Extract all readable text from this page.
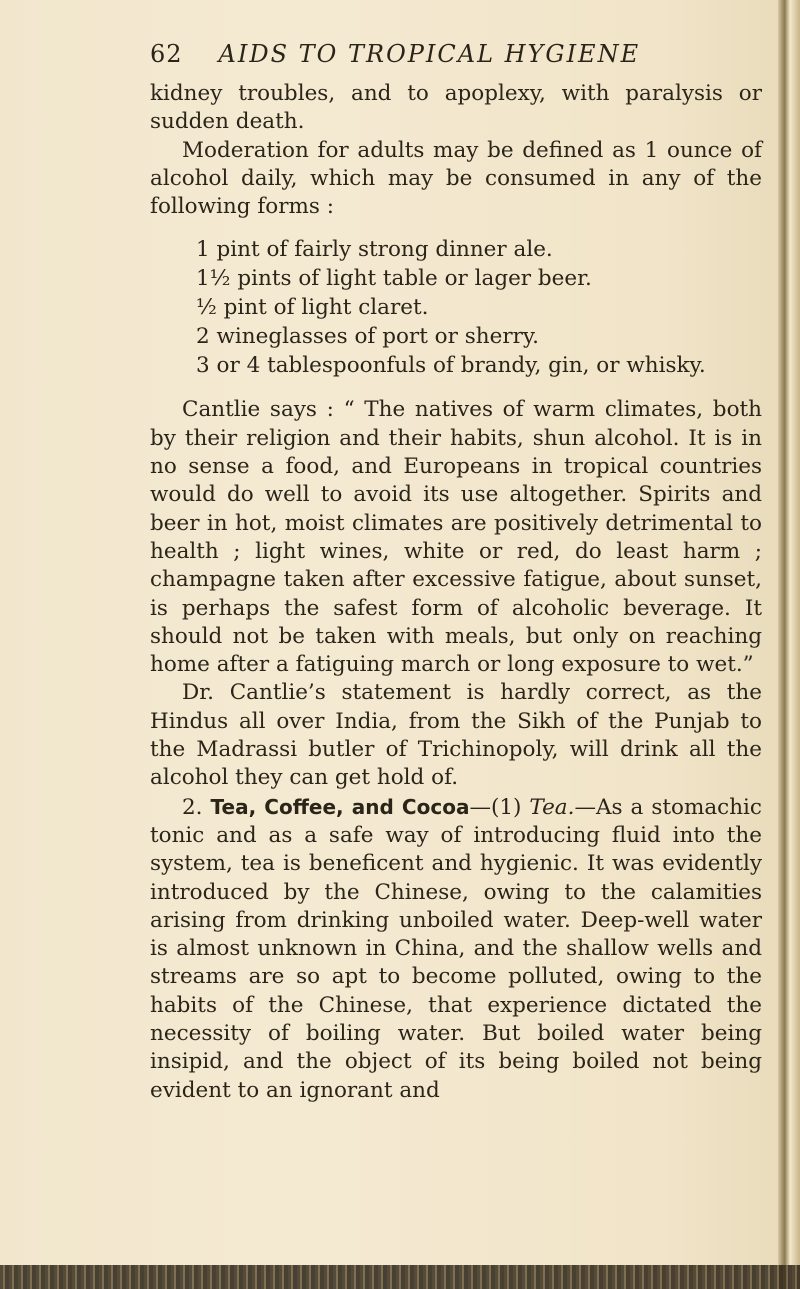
62 AIDS TO TROPICAL HYGIENE

kidney troubles, and to apoplexy, with paralysis or sudden death.

Moderation for adults may be defined as 1 ounce of alcohol daily, which may be consumed in any of the following forms :

1 pint of fairly strong dinner ale.
1½ pints of light table or lager beer.
½ pint of light claret.
2 wineglasses of port or sherry.
3 or 4 tablespoonfuls of brandy, gin, or whisky.

Cantlie says : “ The natives of warm climates, both by their religion and their habits, shun alcohol. It is in no sense a food, and Europeans in tropical countries would do well to avoid its use altogether. Spirits and beer in hot, moist climates are positively detrimental to health ; light wines, white or red, do least harm ; champagne taken after excessive fatigue, about sunset, is perhaps the safest form of alcoholic beverage. It should not be taken with meals, but only on reaching home after a fatiguing march or long exposure to wet.”

Dr. Cantlie’s statement is hardly correct, as the Hindus all over India, from the Sikh of the Punjab to the Madrassi butler of Trichinopoly, will drink all the alcohol they can get hold of.

2. Tea, Coffee, and Cocoa—(1) Tea.—As a stomachic tonic and as a safe way of introducing fluid into the system, tea is beneficent and hygienic. It was evidently introduced by the Chinese, owing to the calamities arising from drinking unboiled water. Deep-well water is almost unknown in China, and the shallow wells and streams are so apt to become polluted, owing to the habits of the Chinese, that experience dictated the necessity of boiling water. But boiled water being insipid, and the object of its being boiled not being evident to an ignorant and
